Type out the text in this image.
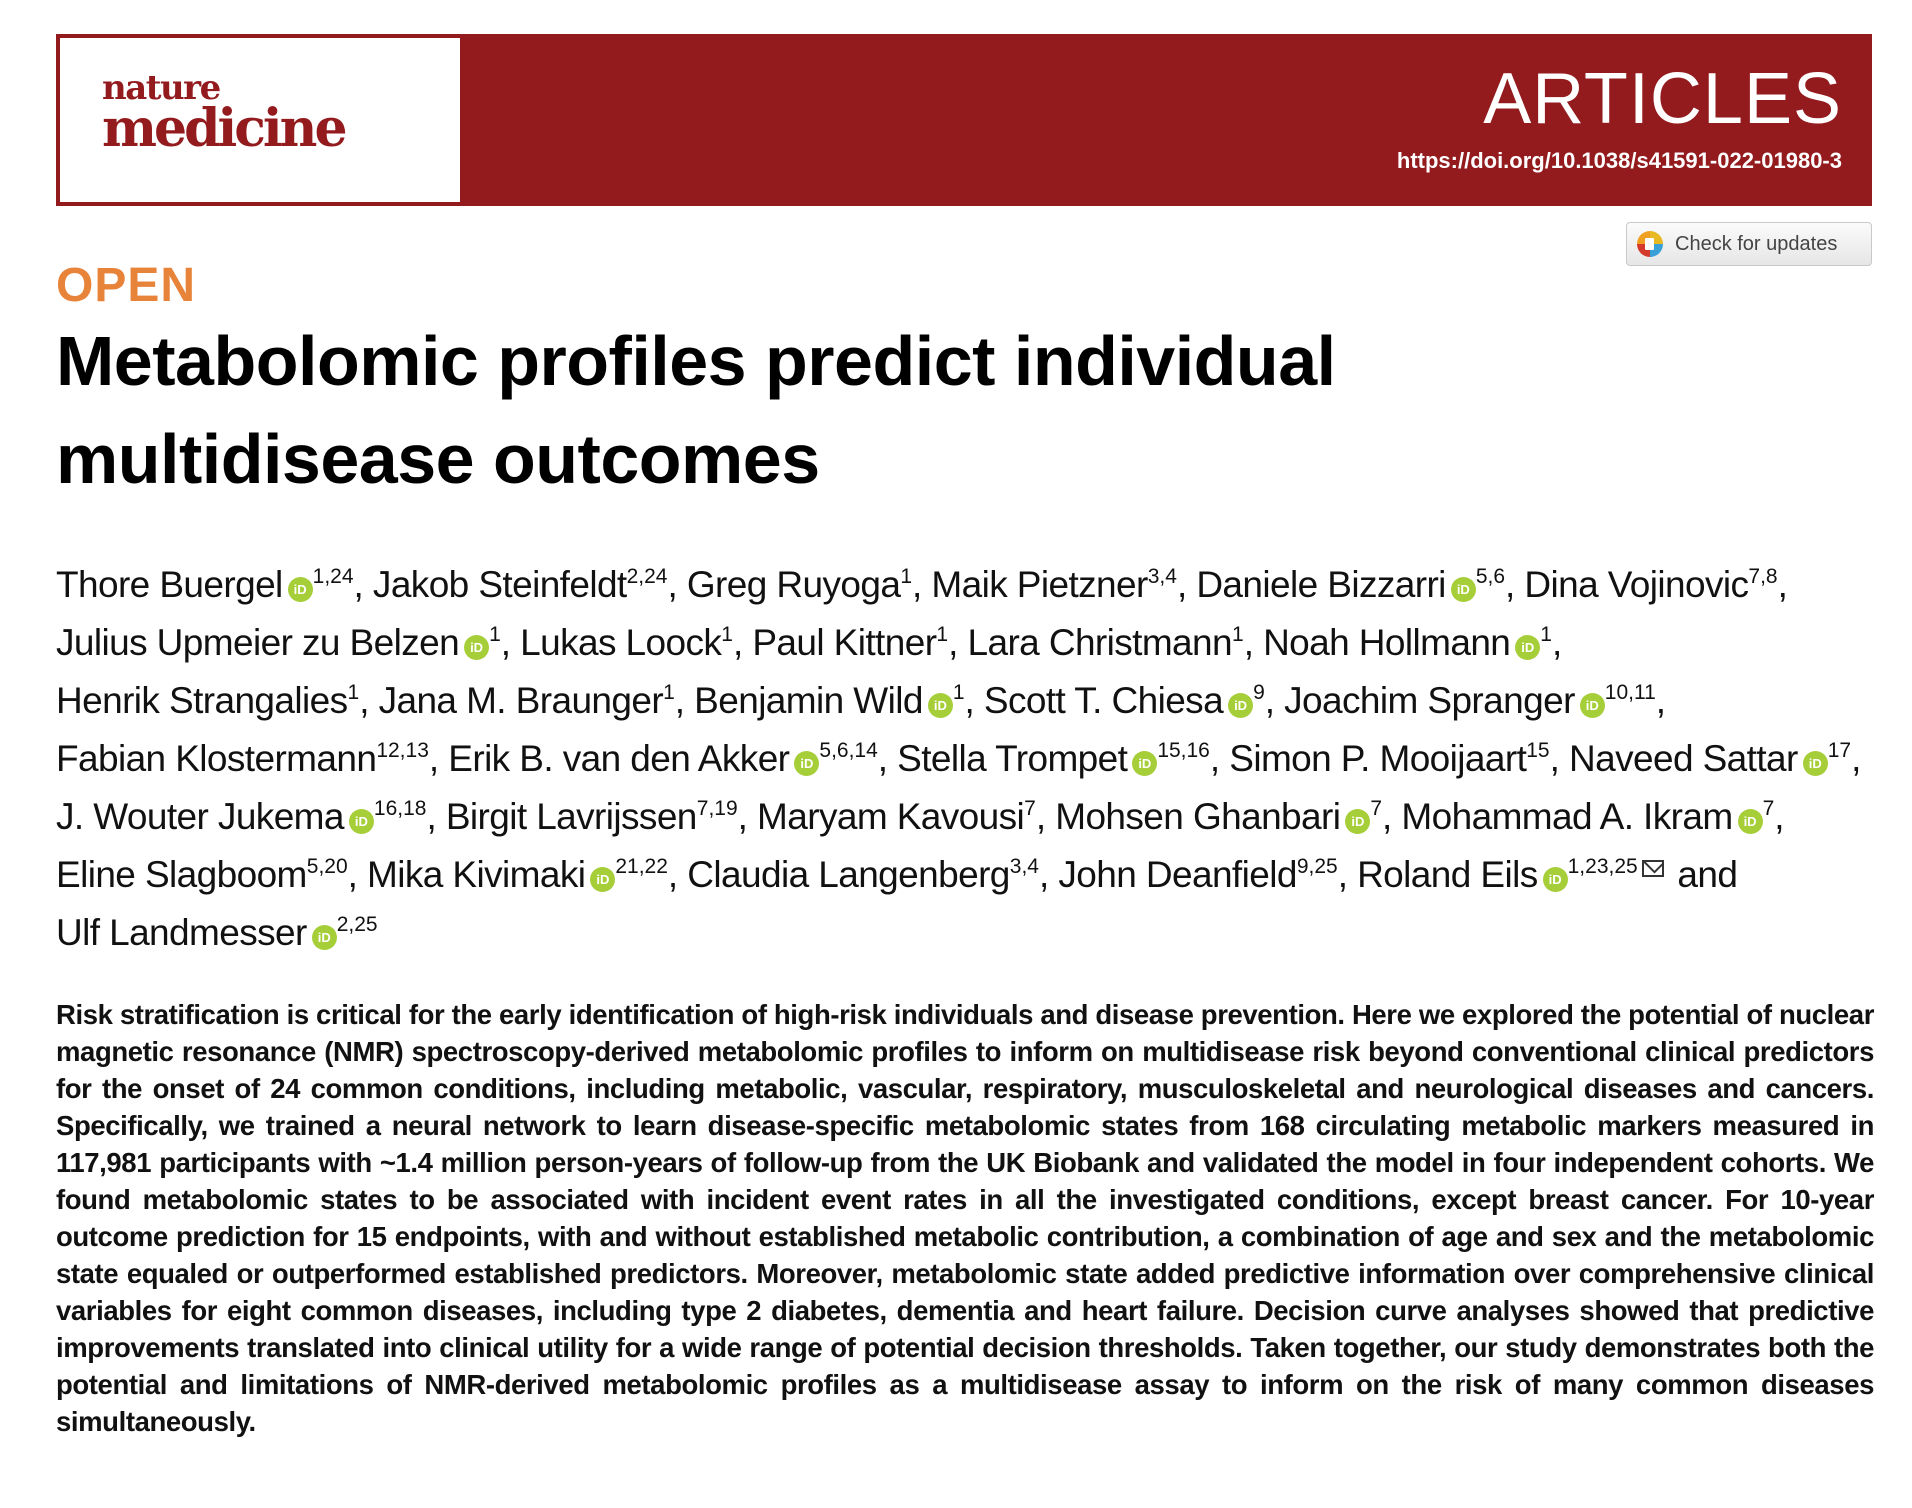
nature
medicine	ARTICLES
https://doi.org/10.1038/s41591-022-01980-3
Check for updates
OPEN
Metabolomic profiles predict individual multidisease outcomes
Thore Buergel iD$^{1,24}$, Jakob Steinfeldt$^{2,24}$, Greg Ruyoga$^1$, Maik Pietzner$^{3,4}$, Daniele Bizzarri iD$^{5,6}$, Dina Vojinovic$^{7,8}$, Julius Upmeier zu Belzen $iD^1$, Lukas Loock$^1$, Paul Kittner$^1$, Lara Christmann$^1$, Noah Hollmann $iD^1$, Henrik Strangalies$^1$, Jana M. Braunger$^1$, Benjamin Wild $iD^1$, Scott T. Chiesa $iD^9$, Joachim Spranger iD$^{10,11}$, Fabian Klostermann$^{12,13}$, Erik B. van den Akker iD$^{5,6,14}$, Stella Trompet iD$^{15,16}$, Simon P. Mooijaart$^{15}$, Naveed Sattar $iD^{17}$, J. Wouter Jukema iD$^{16,18}$, Birgit Lavrijssen$^{7,19}$, Maryam Kavousi$^7$, Mohsen Ghanbari $iD^7$, Mohammad A. Ikram $iD^7$, Eline Slagboom$^{5,20}$, Mika Kivimaki iD$^{21,22}$, Claudia Langenberg$^{3,4}$, John Deanfield$^{9,25}$, Roland Eils iD$^{1,23,25}$ and Ulf Landmesser iD$^{2,25}$

Risk stratification is critical for the early identification of high-risk individuals and disease prevention. Here we explored the potential of nuclear magnetic resonance (NMR) spectroscopy-derived metabolomic profiles to inform on multidisease risk beyond conventional clinical predictors for the onset of 24 common conditions, including metabolic, vascular, respiratory, musculoskeletal and neurological diseases and cancers. Specifically, we trained a neural network to learn disease-specific metabolomic states from 168 circulating metabolic markers measured in 117,981 participants with ~1.4 million person-years of follow-up from the UK Biobank and validated the model in four independent cohorts. We found metabolomic states to be associated with incident event rates in all the investigated conditions, except breast cancer. For 10-year outcome prediction for 15 endpoints, with and without established metabolic contribution, a combination of age and sex and the metabolomic state equaled or outperformed established predictors. Moreover, metabolomic state added predictive information over comprehensive clinical variables for eight common diseases, including type 2 diabetes, dementia and heart failure. Decision curve analyses showed that predictive improvements translated into clinical utility for a wide range of potential decision thresholds. Taken together, our study demonstrates both the potential and limitations of NMR-derived metabolomic profiles as a multidisease assay to inform on the risk of many common diseases simultaneously.
